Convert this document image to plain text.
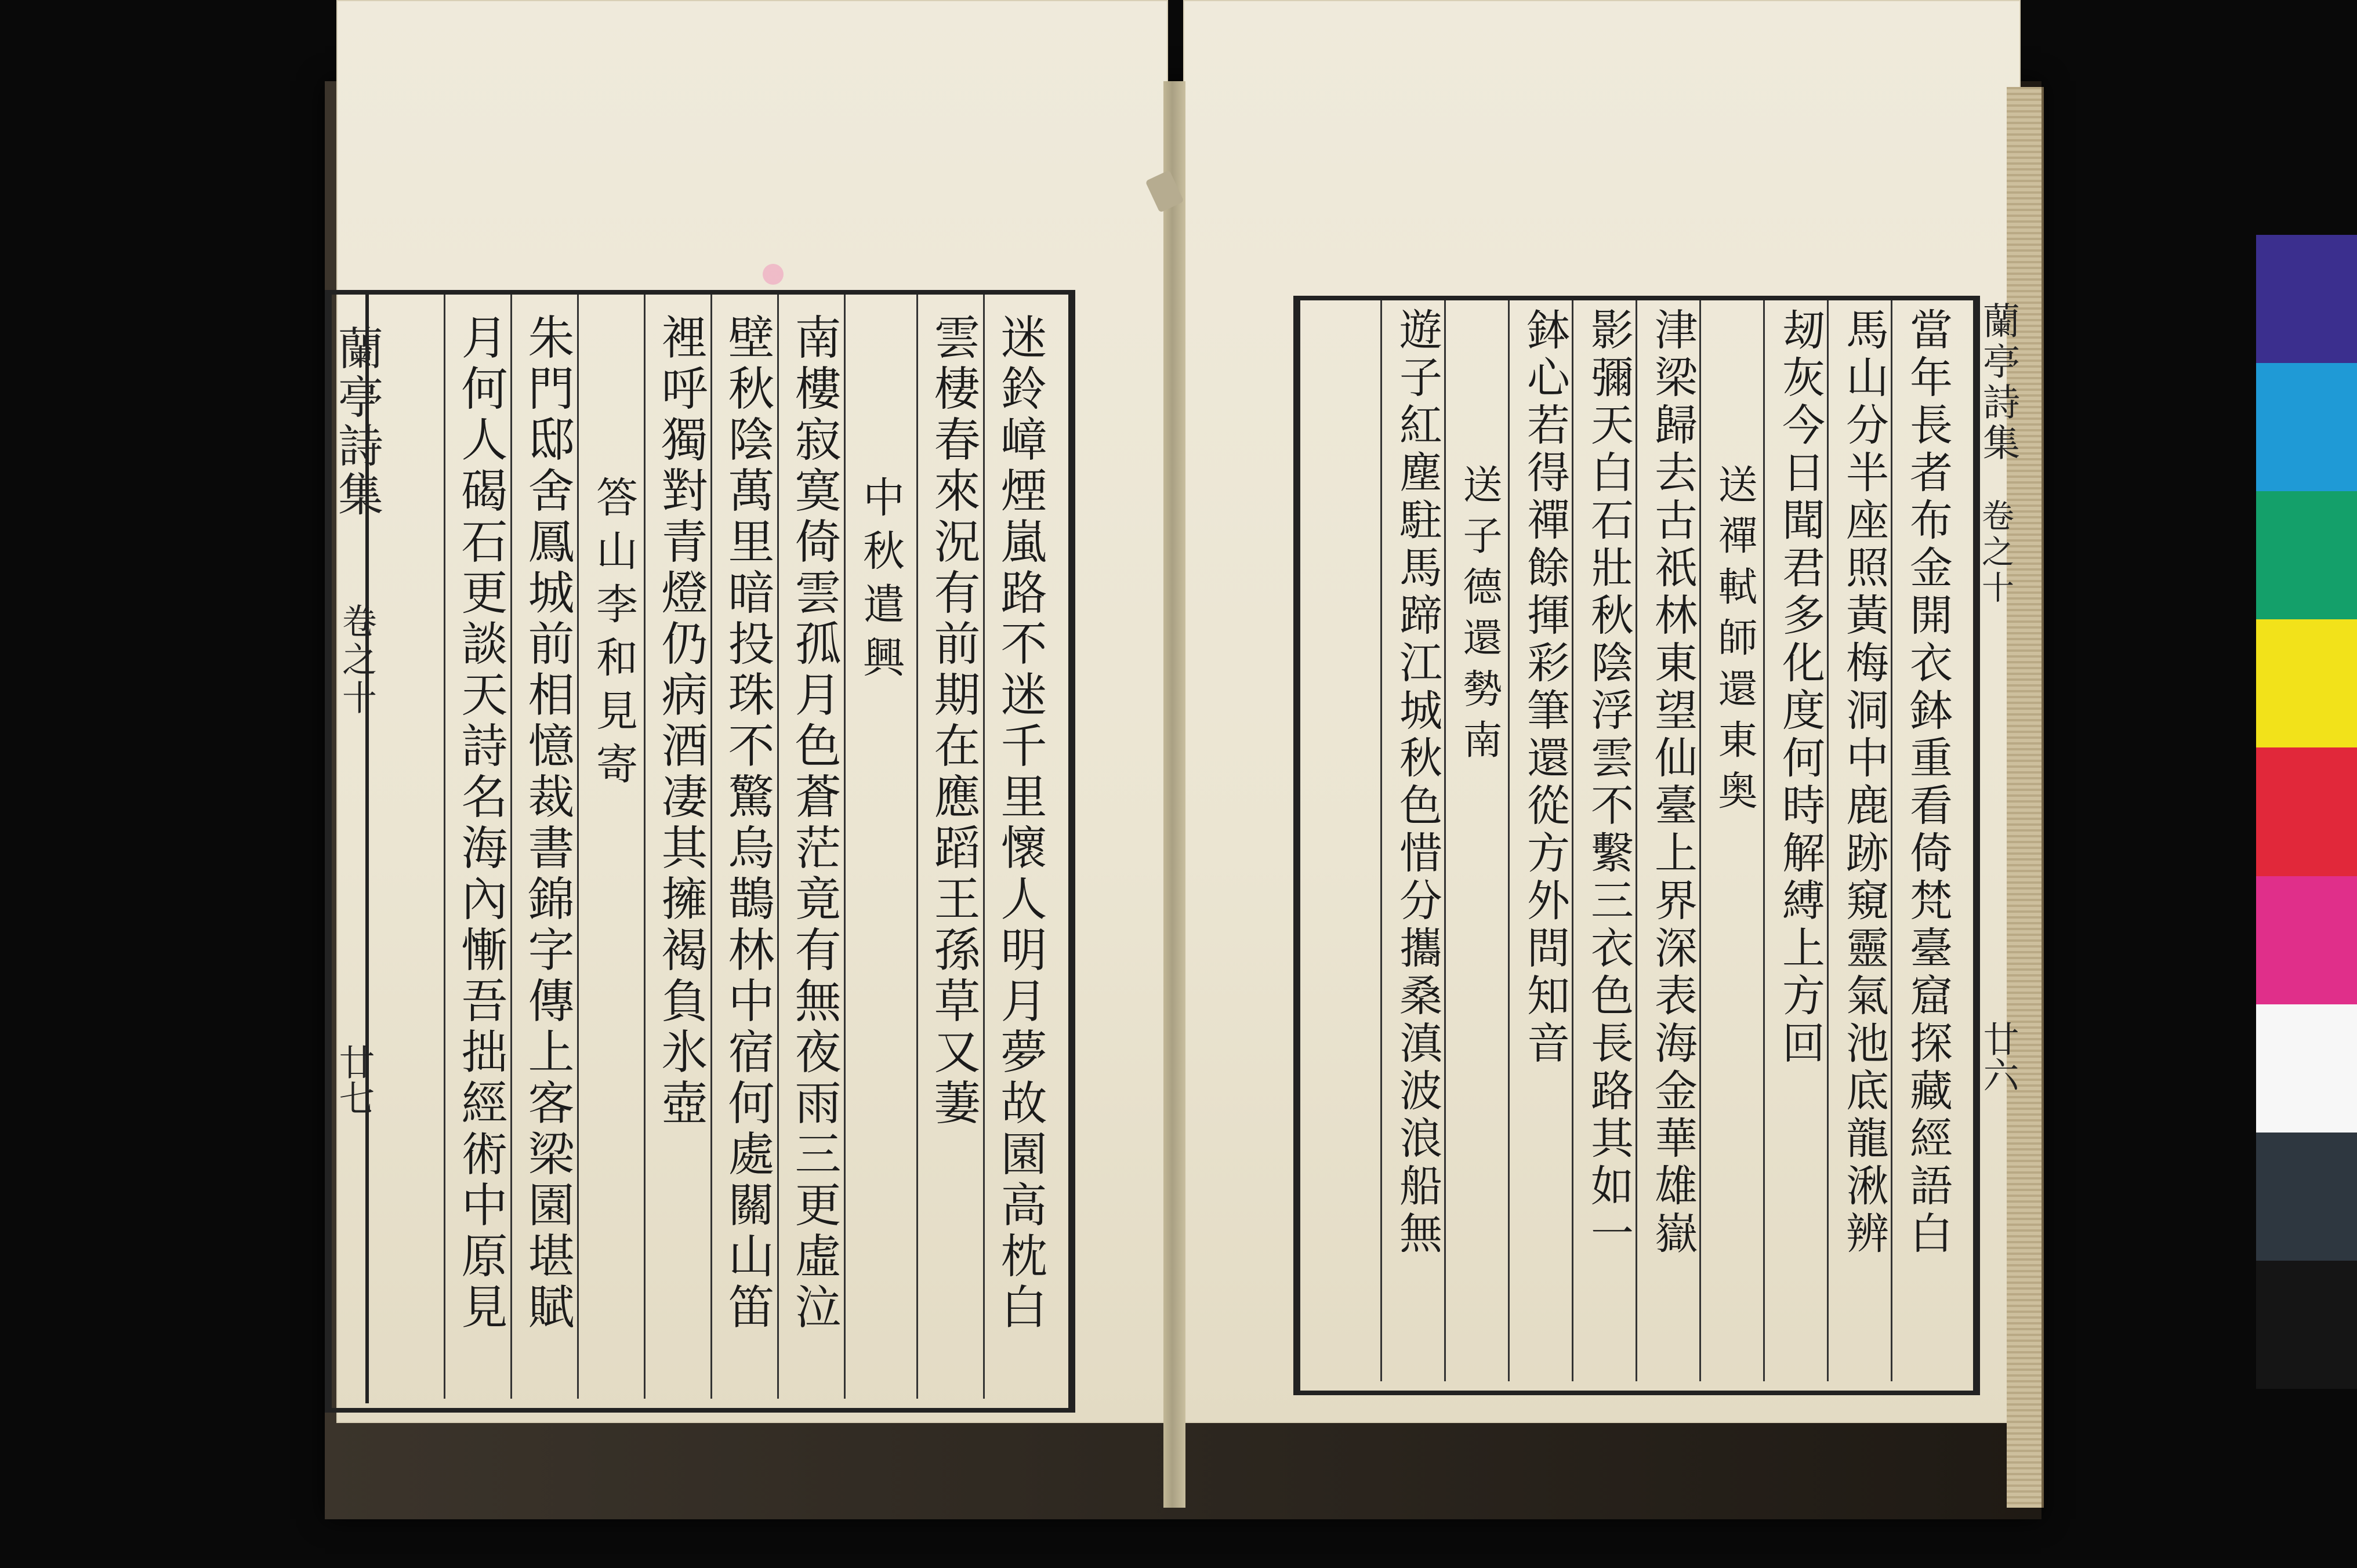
蘭亭詩集
卷之十
廿七	迷鈴嶂煙嵐路不迷千里懷人明月夢故園高枕白
雲棲春來況有前期在應蹈王孫草又萋
中秋遣興
南樓寂寞倚雲孤月色蒼茫竟有無夜雨三更虛泣
壁秋陰萬里暗投珠不驚烏鵲林中宿何處關山笛
裡呼獨對青燈仍病酒凄其擁褐負氷壺
答山李和見寄
朱門邸舍鳳城前相憶裁書錦字傳上客梁園堪賦
月何人碣石更談天詩名海內慚吾拙經術中原見	蘭亭詩集
卷之十
廿六
當年長者布金開衣鉢重看倚梵臺窟探藏經語白
馬山分半座照黃梅洞中鹿跡窺靈氣池底龍湫辨
刼灰今日聞君多化度何時解縛上方回
送禪軾師還東奥
津梁歸去古祇林東望仙臺上界深表海金華雄嶽
影彌天白石壯秋陰浮雲不繫三衣色長路其如一
鉢心若得禪餘揮彩筆還從方外問知音
送子德還勢南
遊子紅塵駐馬蹄江城秋色惜分攜桑滇波浪船無
